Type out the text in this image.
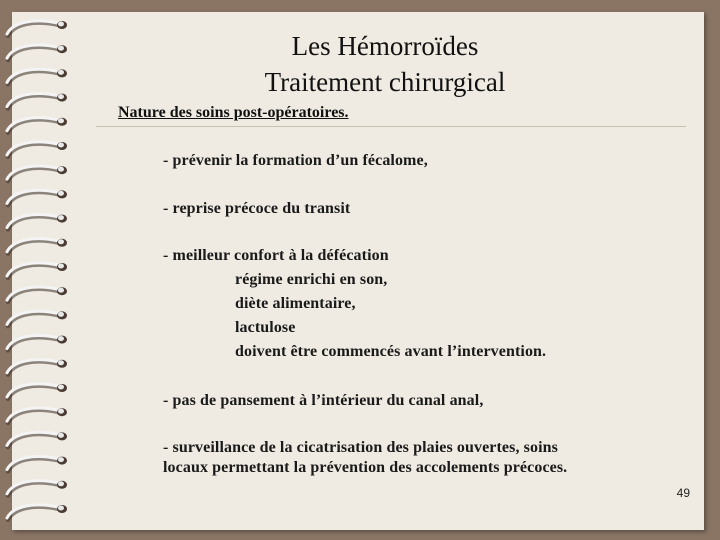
Les Hémorroïdes
Traitement chirurgical
Nature des soins post-opératoires.
- prévenir la formation d’un fécalome,
- reprise précoce du transit
- meilleur confort à la défécation
régime enrichi en son,
diète alimentaire,
lactulose
doivent être commencés avant l’intervention.
- pas de pansement à l’intérieur du canal anal,
- surveillance de la cicatrisation des plaies ouvertes, soins
locaux permettant la prévention des accolements précoces.
49
